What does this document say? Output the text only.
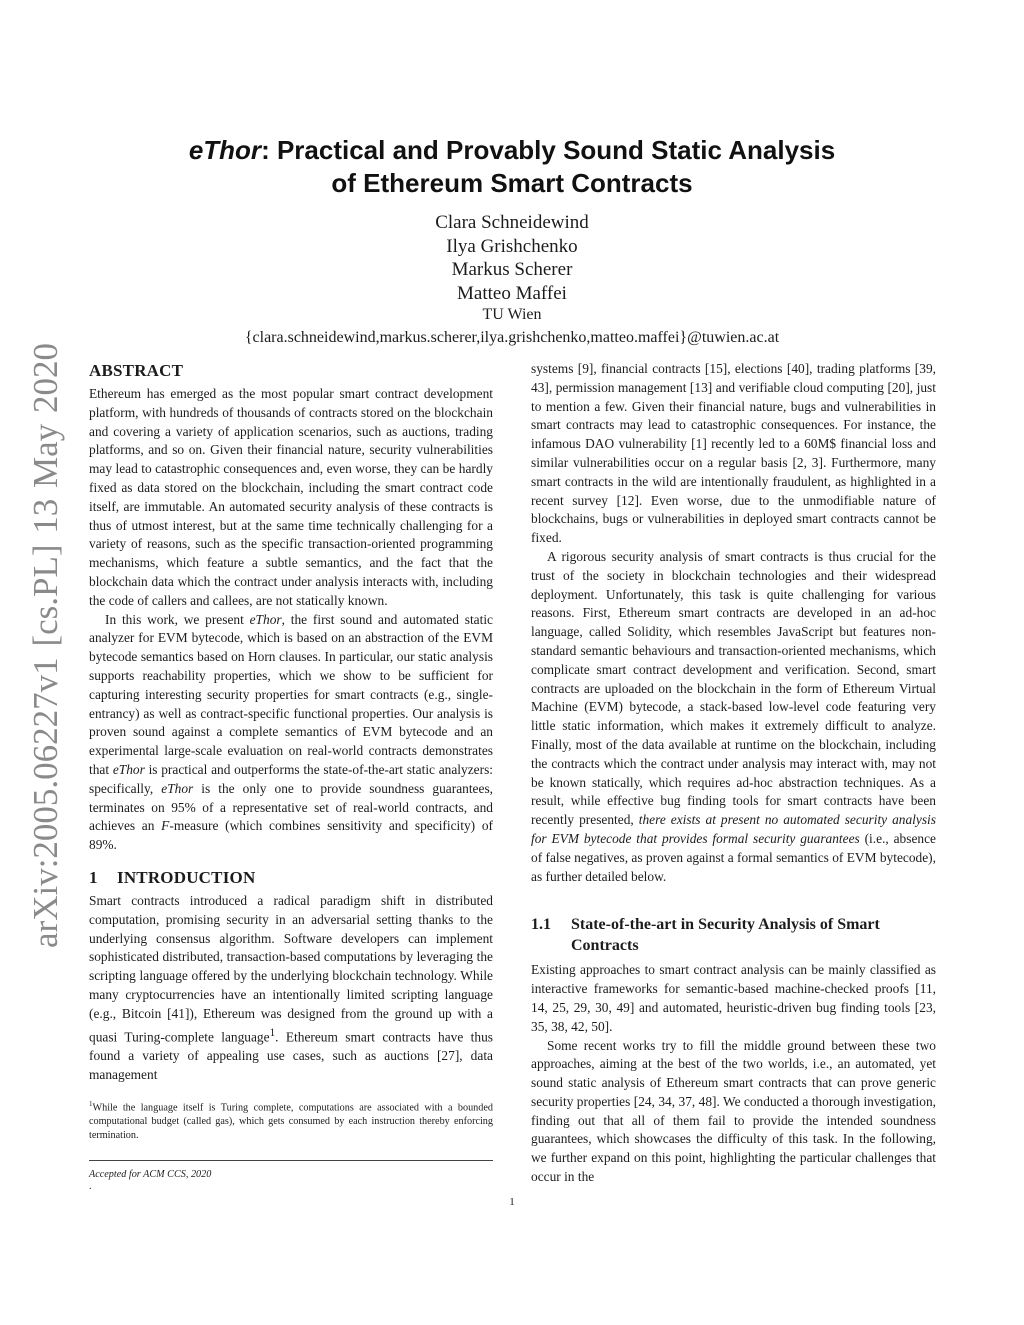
arXiv:2005.06227v1 [cs.PL] 13 May 2020
eThor: Practical and Provably Sound Static Analysis
of Ethereum Smart Contracts
Clara Schneidewind
Ilya Grishchenko
Markus Scherer
Matteo Maffei
TU Wien
{clara.schneidewind,markus.scherer,ilya.grishchenko,matteo.maffei}@tuwien.ac.at
ABSTRACT

Ethereum has emerged as the most popular smart contract development platform, with hundreds of thousands of contracts stored on the blockchain and covering a variety of application scenarios, such as auctions, trading platforms, and so on. Given their financial nature, security vulnerabilities may lead to catastrophic consequences and, even worse, they can be hardly fixed as data stored on the blockchain, including the smart contract code itself, are immutable. An automated security analysis of these contracts is thus of utmost interest, but at the same time technically challenging for a variety of reasons, such as the specific transaction-oriented programming mechanisms, which feature a subtle semantics, and the fact that the blockchain data which the contract under analysis interacts with, including the code of callers and callees, are not statically known.

In this work, we present eThor, the first sound and automated static analyzer for EVM bytecode, which is based on an abstraction of the EVM bytecode semantics based on Horn clauses. In particular, our static analysis supports reachability properties, which we show to be sufficient for capturing interesting security properties for smart contracts (e.g., single-entrancy) as well as contract-specific functional properties. Our analysis is proven sound against a complete semantics of EVM bytecode and an experimental large-scale evaluation on real-world contracts demonstrates that eThor is practical and outperforms the state-of-the-art static analyzers: specifically, eThor is the only one to provide soundness guarantees, terminates on 95% of a representative set of real-world contracts, and achieves an F-measure (which combines sensitivity and specificity) of 89%.

1 INTRODUCTION

Smart contracts introduced a radical paradigm shift in distributed computation, promising security in an adversarial setting thanks to the underlying consensus algorithm. Software developers can implement sophisticated distributed, transaction-based computations by leveraging the scripting language offered by the underlying blockchain technology. While many cryptocurrencies have an intentionally limited scripting language (e.g., Bitcoin [41]), Ethereum was designed from the ground up with a quasi Turing-complete language$^1$. Ethereum smart contracts have thus found a variety of appealing use cases, such as auctions [27], data management

$^1$While the language itself is Turing complete, computations are associated with a bounded computational budget (called gas), which gets consumed by each instruction thereby enforcing termination.
Accepted for ACM CCS, 2020
.

systems [9], financial contracts [15], elections [40], trading platforms [39, 43], permission management [13] and verifiable cloud computing [20], just to mention a few. Given their financial nature, bugs and vulnerabilities in smart contracts may lead to catastrophic consequences. For instance, the infamous DAO vulnerability [1] recently led to a 60M$ financial loss and similar vulnerabilities occur on a regular basis [2, 3]. Furthermore, many smart contracts in the wild are intentionally fraudulent, as highlighted in a recent survey [12]. Even worse, due to the unmodifiable nature of blockchains, bugs or vulnerabilities in deployed smart contracts cannot be fixed.

A rigorous security analysis of smart contracts is thus crucial for the trust of the society in blockchain technologies and their widespread deployment. Unfortunately, this task is quite challenging for various reasons. First, Ethereum smart contracts are developed in an ad-hoc language, called Solidity, which resembles JavaScript but features non-standard semantic behaviours and transaction-oriented mechanisms, which complicate smart contract development and verification. Second, smart contracts are uploaded on the blockchain in the form of Ethereum Virtual Machine (EVM) bytecode, a stack-based low-level code featuring very little static information, which makes it extremely difficult to analyze. Finally, most of the data available at runtime on the blockchain, including the contracts which the contract under analysis may interact with, may not be known statically, which requires ad-hoc abstraction techniques. As a result, while effective bug finding tools for smart contracts have been recently presented, there exists at present no automated security analysis for EVM bytecode that provides formal security guarantees (i.e., absence of false negatives, as proven against a formal semantics of EVM bytecode), as further detailed below.

1.1	State-of-the-art in Security Analysis of Smart Contracts

Existing approaches to smart contract analysis can be mainly classified as interactive frameworks for semantic-based machine-checked proofs [11, 14, 25, 29, 30, 49] and automated, heuristic-driven bug finding tools [23, 35, 38, 42, 50].

Some recent works try to fill the middle ground between these two approaches, aiming at the best of the two worlds, i.e., an automated, yet sound static analysis of Ethereum smart contracts that can prove generic security properties [24, 34, 37, 48]. We conducted a thorough investigation, finding out that all of them fail to provide the intended soundness guarantees, which showcases the difficulty of this task. In the following, we further expand on this point, highlighting the particular challenges that occur in the

1
